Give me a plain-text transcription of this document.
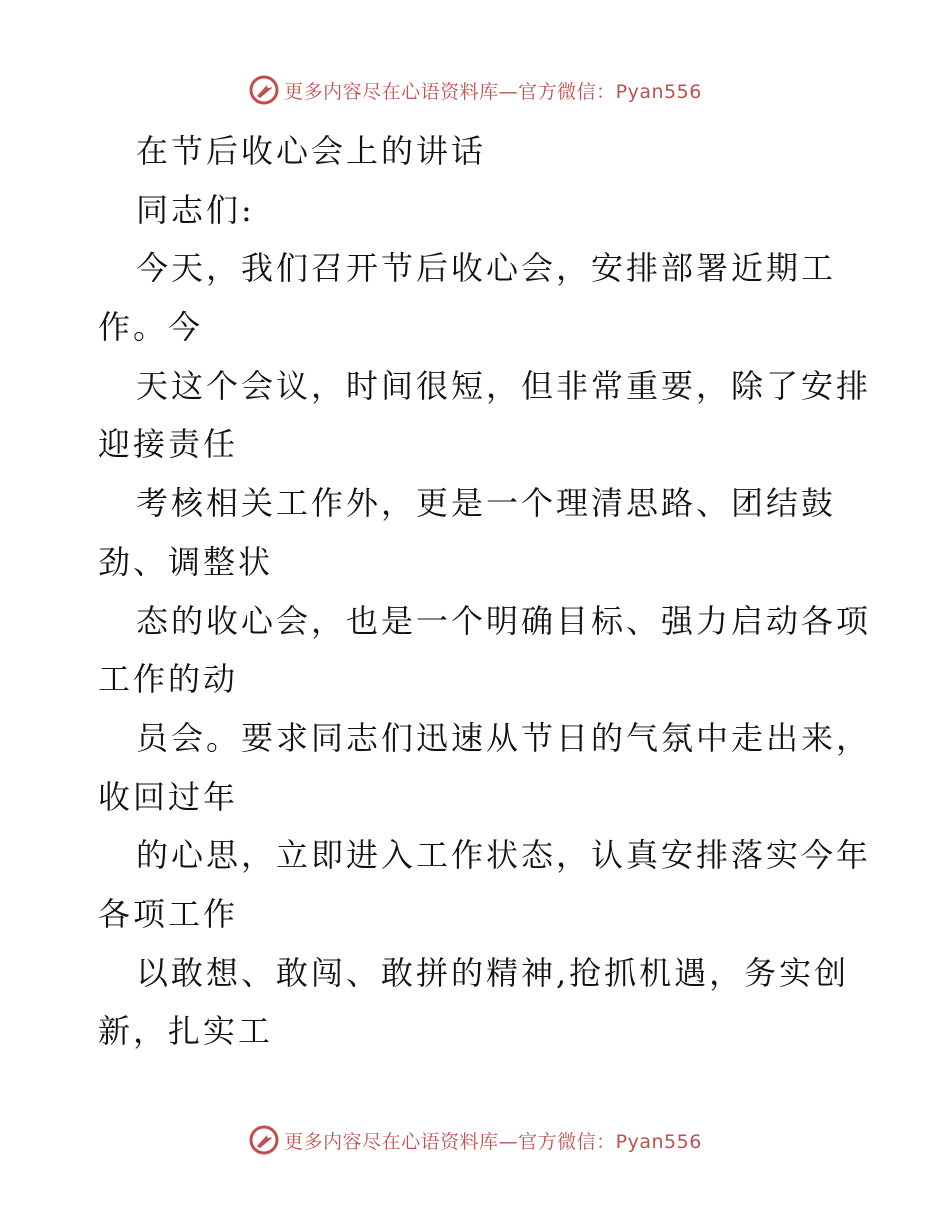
更多内容尽在心语资料库—官方微信：Pyan556
在节后收心会上的讲话
同志们:
今天，我们召开节后收心会，安排部署近期工
作。今
天这个会议，时间很短，但非常重要，除了安排
迎接责任
考核相关工作外，更是一个理清思路、团结鼓
劲、调整状
态的收心会，也是一个明确目标、强力启动各项
工作的动
员会。要求同志们迅速从节日的气氛中走出来，
收回过年
的心思，立即进入工作状态，认真安排落实今年
各项工作
以敢想、敢闯、敢拼的精神,抢抓机遇，务实创
新，扎实工
更多内容尽在心语资料库—官方微信：Pyan556
